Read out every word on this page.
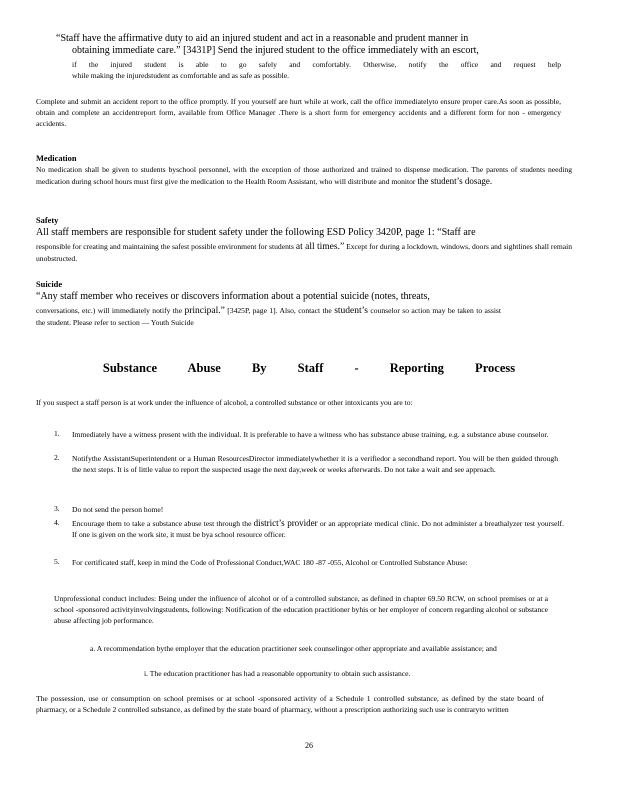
“Staff have the affirmative duty to aid an injured student and act in a reasonable and prudent manner in
obtaining immediate care.” [3431P] Send the injured student to the office immediately with an escort,
if the injured student is able to go safely and comfortably. Otherwise, notify the office and request help
while making the injuredstudent as comfortable and as safe as possible.
Complete and submit an accident report to the office promptly. If you yourself are hurt while at work, call the office immediatelyto ensure proper care.As soon as possible, obtain and complete an accidentreport form, available from Office Manager .There is a short form for emergency accidents and a different form for non - emergency accidents.
Medication
No medication shall be given to students byschool personnel, with the exception of those authorized and trained to dispense medication. The parents of students needing medication during school hours must first give the medication to the Health Room Assistant, who will distribute and monitor the student’s dosage.
Safety
All staff members are responsible for student safety under the following ESD Policy 3420P, page 1: “Staff are
responsible for creating and maintaining the safest possible environment for students at all times.” Except for during a lockdown, windows, doors and sightlines shall remain unobstructed.
Suicide
“Any staff member who receives or discovers information about a potential suicide (notes, threats,
conversations, etc.) will immediately notify the principal.” [3425P, page 1]. Also, contact the student’s counselor so action may be taken to assist the student. Please refer to section — Youth Suicide
Substance Abuse By Staff - Reporting Process
If you suspect a staff person is at work under the influence of alcohol, a controlled substance or other intoxicants you are to:
1. Immediately have a witness present with the individual. It is preferable to have a witness who has substance abuse training, e.g. a substance abuse counselor.
2. Notifythe AssistantSuperintendent or a Human ResourcesDirector immediatelywhether it is a verifiedor a secondhand report. You will be then guided through the next steps. It is of little value to report the suspected usage the next day,week or weeks afterwards. Do not take a wait and see approach.
3. Do not send the person home!
4. Encourage them to take a substance abuse test through the district’s provider or an appropriate medical clinic. Do not administer a breathalyzer test yourself. If one is given on the work site, it must be bya school resource officer.
5. For certificated staff, keep in mind the Code of Professional Conduct,WAC 180 -87 -055, Alcohol or Controlled Substance Abuse:
Unprofessional conduct includes: Being under the influence of alcohol or of a controlled substance, as defined in chapter 69.50 RCW, on school premises or at a school -sponsored activityinvolvingstudents, following: Notification of the education practitioner byhis or her employer of concern regarding alcohol or substance abuse affecting job performance.
a. A recommendation bythe employer that the education practitioner seek counselingor other appropriate and available assistance; and
i. The education practitioner has had a reasonable opportunity to obtain such assistance.
The possession, use or consumption on school premises or at school -sponsored activity of a Schedule 1 controlled substance, as defined by the state board of pharmacy, or a Schedule 2 controlled substance, as defined by the state board of pharmacy, without a prescription authorizing such use is contraryto written
26
